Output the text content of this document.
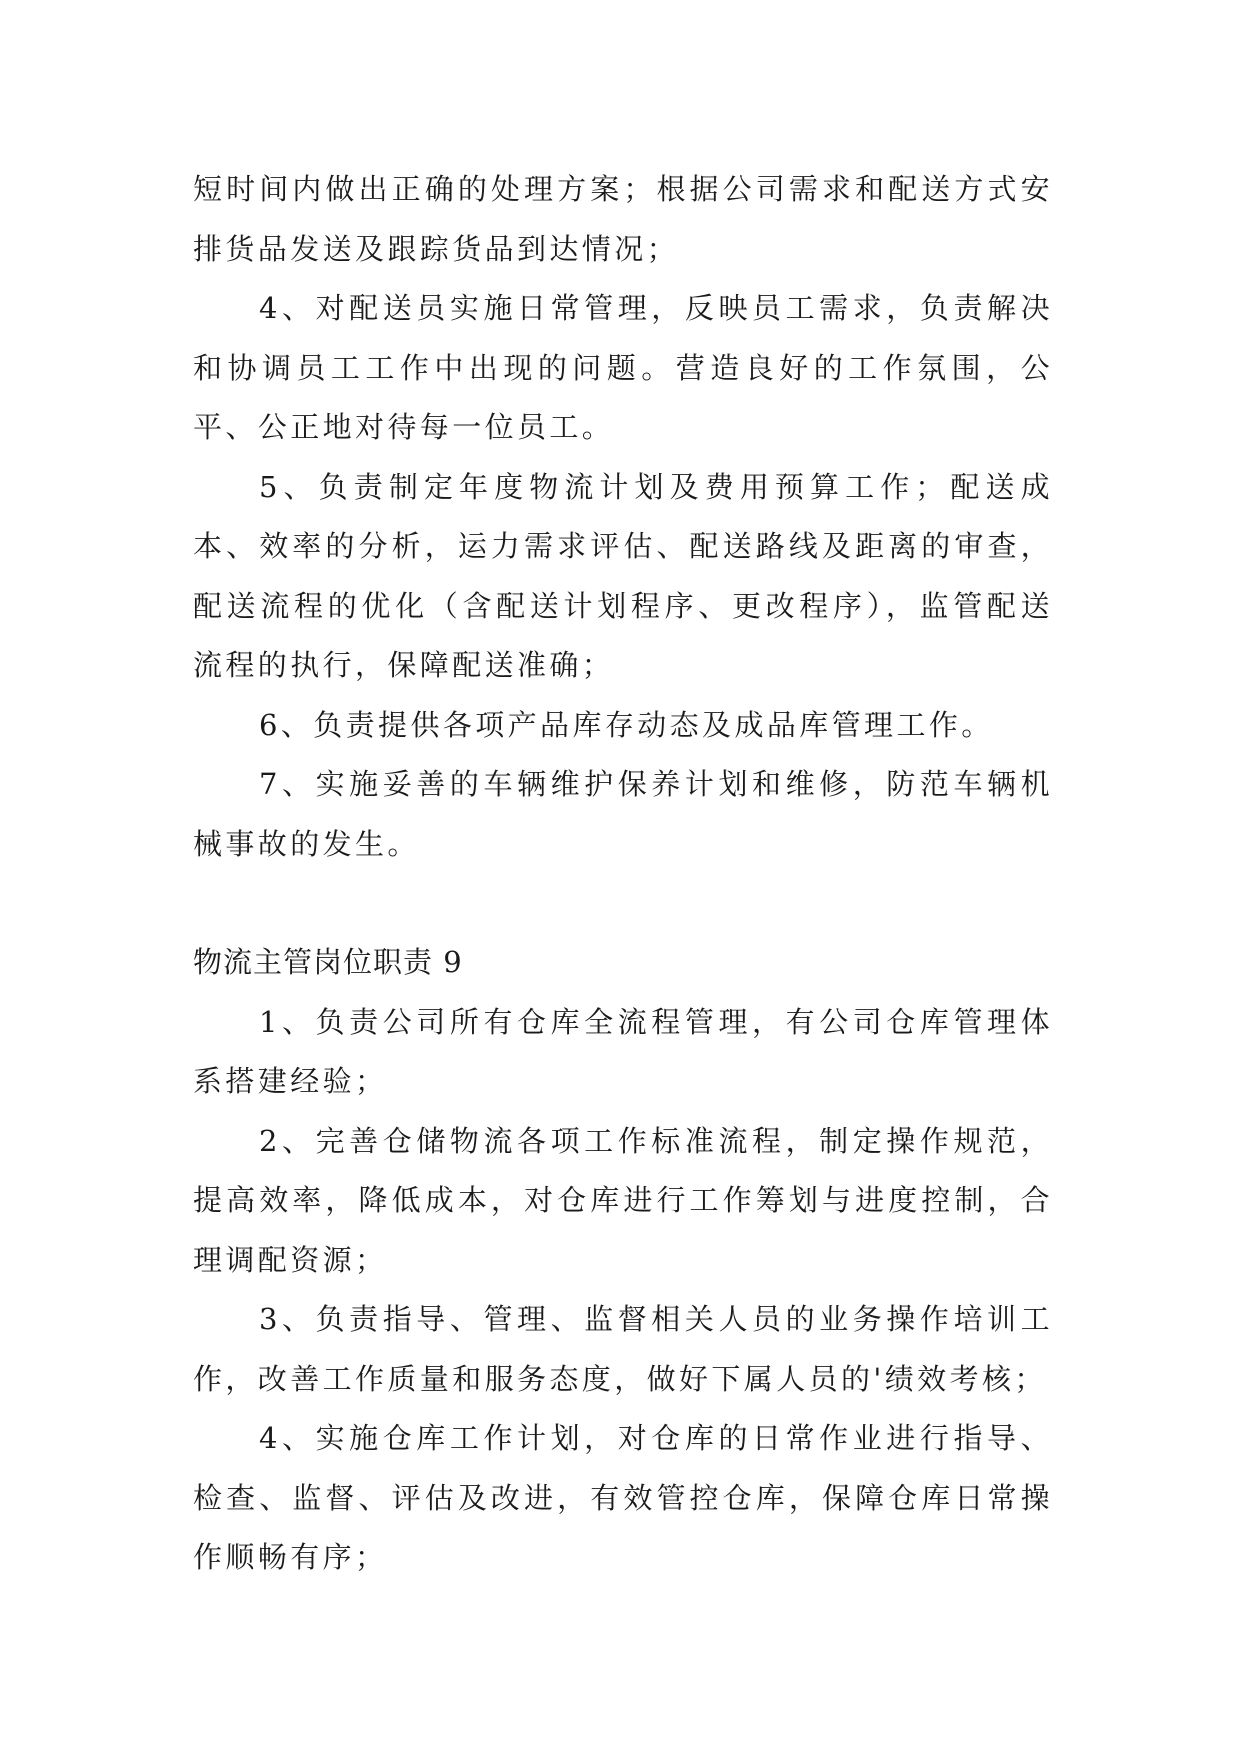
短时间内做出正确的处理方案；根据公司需求和配送方式安排货品发送及跟踪货品到达情况；

4、对配送员实施日常管理，反映员工需求，负责解决和协调员工工作中出现的问题。营造良好的工作氛围，公平、公正地对待每一位员工。

5、负责制定年度物流计划及费用预算工作；配送成本、效率的分析，运力需求评估、配送路线及距离的审查，配送流程的优化（含配送计划程序、更改程序），监管配送流程的执行，保障配送准确；

6、负责提供各项产品库存动态及成品库管理工作。

7、实施妥善的车辆维护保养计划和维修，防范车辆机械事故的发生。

物流主管岗位职责 9

1、负责公司所有仓库全流程管理，有公司仓库管理体系搭建经验；

2、完善仓储物流各项工作标准流程，制定操作规范，提高效率，降低成本，对仓库进行工作筹划与进度控制，合理调配资源；

3、负责指导、管理、监督相关人员的业务操作培训工作，改善工作质量和服务态度，做好下属人员的'绩效考核；

4、实施仓库工作计划，对仓库的日常作业进行指导、检查、监督、评估及改进，有效管控仓库，保障仓库日常操作顺畅有序；
